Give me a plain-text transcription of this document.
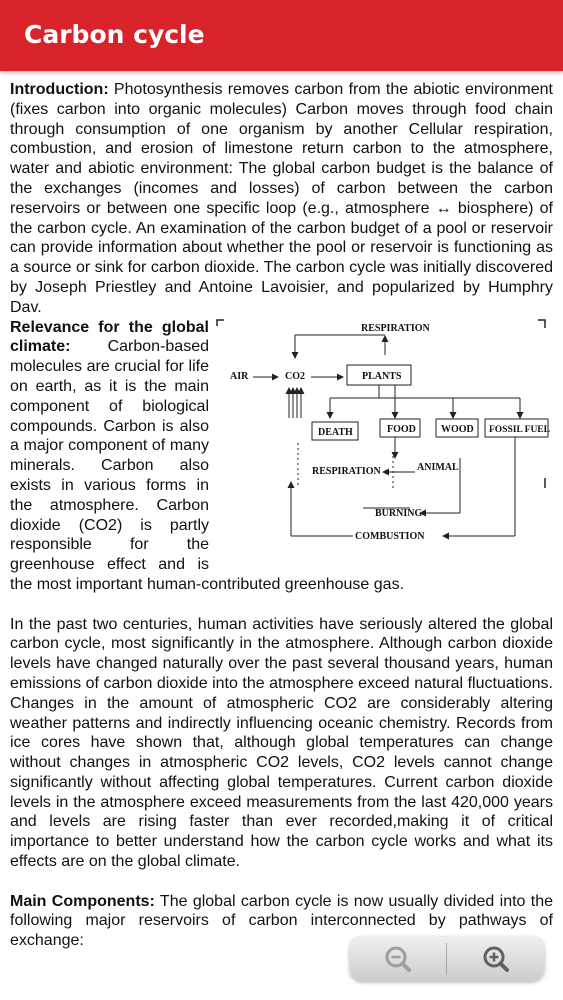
Carbon cycle

Introduction: Photosynthesis removes carbon from the abiotic environment (fixes carbon into organic molecules) Carbon moves through food chain through consumption of one organism by another Cellular respiration, combustion, and erosion of limestone return carbon to the atmosphere, water and abiotic environment: The global carbon budget is the balance of the exchanges (incomes and losses) of carbon between the carbon reservoirs or between one specific loop (e.g., atmosphere ↔ biosphere) of the carbon cycle. An examination of the carbon budget of a pool or reservoir can provide information about whether the pool or reservoir is functioning as a source or sink for carbon dioxide. The carbon cycle was initially discovered by Joseph Priestley and Antoine Lavoisier, and popularized by Humphry Dav.

RESPIRATION
AIR	CO2	PLANTS
DEATH	FOOD	WOOD FOSSIL FUEL
RESPIRATION	ANIMAL
BURNING
COMBUSTION

Relevance for the global climate: Carbon-based molecules are crucial for life on earth, as it is the main component of biological compounds. Carbon is also a major component of many minerals. Carbon also exists in various forms in the atmosphere. Carbon dioxide (CO2) is partly responsible for the greenhouse effect and is the most important human-contributed greenhouse gas.

In the past two centuries, human activities have seriously altered the global carbon cycle, most significantly in the atmosphere. Although carbon dioxide levels have changed naturally over the past several thousand years, human emissions of carbon dioxide into the atmosphere exceed natural fluctuations. Changes in the amount of atmospheric CO2 are considerably altering weather patterns and indirectly influencing oceanic chemistry. Records from ice cores have shown that, although global temperatures can change without changes in atmospheric CO2 levels, CO2 levels cannot change significantly without affecting global temperatures. Current carbon dioxide levels in the atmosphere exceed measurements from the last 420,000 years and levels are rising faster than ever recorded,making it of critical importance to better understand how the carbon cycle works and what its effects are on the global climate.

Main Components: The global carbon cycle is now usually divided into the following major reservoirs of carbon interconnected by pathways of exchange:
